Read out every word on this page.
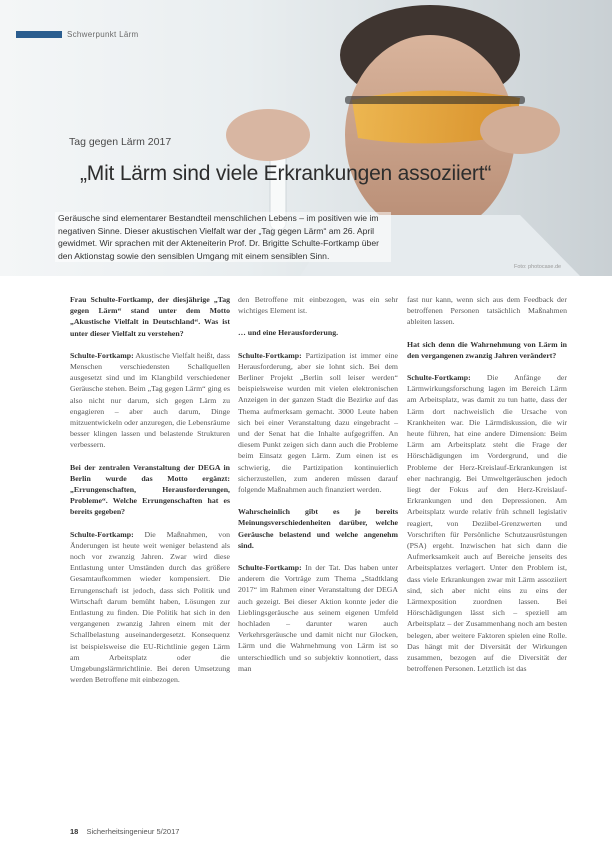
Schwerpunkt Lärm
Tag gegen Lärm 2017
„Mit Lärm sind viele Erkrankungen assoziiert“
Geräusche sind elementarer Bestandteil menschlichen Lebens – im positiven wie im negativen Sinne. Dieser akustischen Vielfalt war der „Tag gegen Lärm“ am 26. April gewidmet. Wir sprachen mit der Akteneiterin Prof. Dr. Brigitte Schulte-Fortkamp über den Aktionstag sowie den sensiblen Umgang mit einem sensiblen Sinn.
Foto: photocase.de

Frau Schulte-Fortkamp, der diesjährige „Tag gegen Lärm“ stand unter dem Motto „Akustische Vielfalt in Deutschland“. Was ist unter dieser Vielfalt zu verstehen?

Schulte-Fortkamp: Akustische Vielfalt heißt, dass Menschen verschiedensten Schallquellen ausgesetzt sind und im Klangbild verschiedener Geräusche stehen. Beim „Tag gegen Lärm“ ging es also nicht nur darum, sich gegen Lärm zu engagieren – aber auch darum, Dinge mitzuentwickeln oder anzuregen, die Lebensräume besser klingen lassen und belastende Strukturen verbessern.

Bei der zentralen Veranstaltung der DEGA in Berlin wurde das Motto ergänzt: „Errungenschaften, Herausforderungen, Probleme“. Welche Errungenschaften hat es bereits gegeben?

Schulte-Fortkamp: Die Maßnahmen, von Änderungen ist heute weit weniger belastend als noch vor zwanzig Jahren. Zwar wird diese Entlastung unter Umständen durch das größere Gesamtaufkommen wieder kompensiert. Die Errungenschaft ist jedoch, dass sich Politik und Wirtschaft darum bemüht haben, Lösungen zur Entlastung zu finden. Die Politik hat sich in den vergangenen zwanzig Jahren einem mit der Schallbelastung auseinandergesetzt. Konsequenz ist beispielsweise die EU-Richtlinie gegen Lärm am Arbeitsplatz oder die Umgebungslärmrichtlinie. Bei deren Umsetzung werden Betroffene mit einbezogen.

den Betroffene mit einbezogen, was ein sehr wichtiges Element ist.

… und eine Herausforderung.

Schulte-Fortkamp: Partizipation ist immer eine Herausforderung, aber sie lohnt sich. Bei dem Berliner Projekt „Berlin soll leiser werden“ beispielsweise wurden mit vielen elektronischen Anzeigen in der ganzen Stadt die Bezirke auf das Thema aufmerksam gemacht. 3000 Leute haben sich bei einer Veranstaltung dazu eingebracht – und der Senat hat die Inhalte aufgegriffen. An diesem Punkt zeigen sich dann auch die Probleme beim Einsatz gegen Lärm. Zum einen ist es schwierig, die Partizipation kontinuierlich sicherzustellen, zum anderen müssen darauf folgende Maßnahmen auch finanziert werden.

Wahrscheinlich gibt es je bereits Meinungsverschiedenheiten darüber, welche Geräusche belastend und welche angenehm sind.

Schulte-Fortkamp: In der Tat. Das haben unter anderem die Vorträge zum Thema „Stadtklang 2017“ im Rahmen einer Veranstaltung der DEGA auch gezeigt. Bei dieser Aktion konnte jeder die Lieblingsgeräusche aus seinem eigenen Umfeld hochladen – darunter waren auch Verkehrsgeräusche und damit nicht nur Glocken, Lärm und die Wahrnehmung von Lärm ist so unterschiedlich und so subjektiv konnotiert, dass man

fast nur kann, wenn sich aus dem Feedback der betroffenen Personen tatsächlich Maßnahmen ableiten lassen.

Hat sich denn die Wahrnehmung von Lärm in den vergangenen zwanzig Jahren verändert?

Schulte-Fortkamp: Die Anfänge der Lärmwirkungsforschung lagen im Bereich Lärm am Arbeitsplatz, was damit zu tun hatte, dass der Lärm dort nachweislich die Ursache von Krankheiten war. Die Lärmdiskussion, die wir heute führen, hat eine andere Dimension: Beim Lärm am Arbeitsplatz steht die Frage der Hörschädigungen im Vordergrund, und die Probleme der Herz-Kreislauf-Erkrankungen ist eher nachrangig. Bei Umweltgeräuschen jedoch liegt der Fokus auf den Herz-Kreislauf-Erkrankungen und den Depressionen. Am Arbeitsplatz wurde relativ früh schnell legislativ reagiert, von Deziibel-Grenzwerten und Vorschriften für Persönliche Schutzausrüstungen (PSA) ergeht. Inzwischen hat sich dann die Aufmerksamkeit auch auf Bereiche jenseits des Arbeitsplatzes verlagert. Unter den Problem ist, dass viele Erkrankungen zwar mit Lärm assoziiert sind, sich aber nicht eins zu eins der Lärmexposition zuordnen lassen. Bei Hörschädigungen lässt sich – speziell am Arbeitsplatz – der Zusammenhang noch am besten belegen, aber weitere Faktoren spielen eine Rolle. Das hängt mit der Diversität der Wirkungen zusammen, bezogen auf die Diversität der betroffenen Personen. Letztlich ist das

18 Sicherheitsingenieur 5/2017
